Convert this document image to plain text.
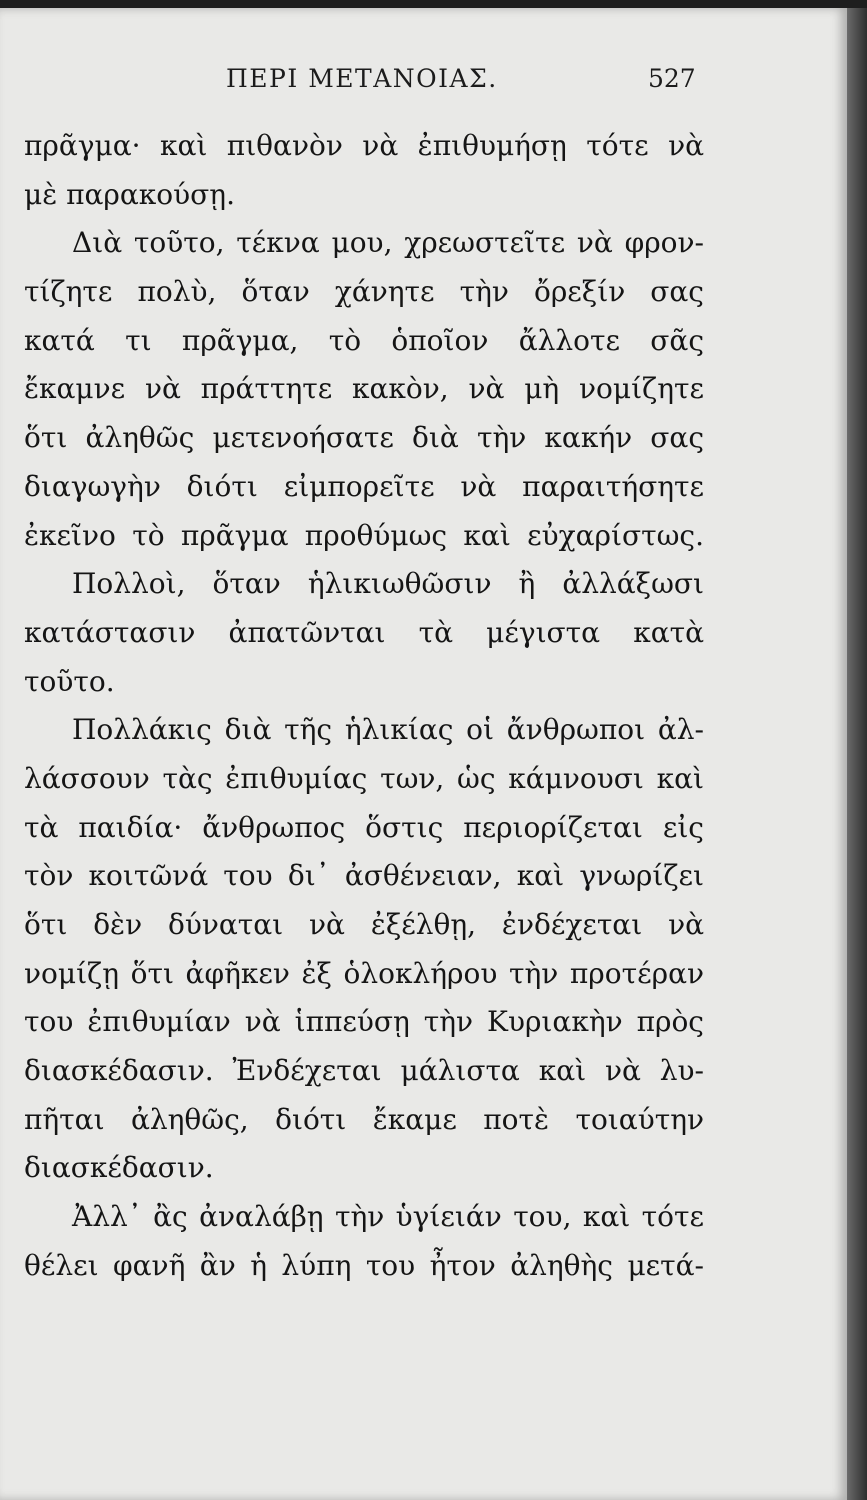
ΠΕΡΙ ΜΕΤΑΝΟΙΑΣ.	527
πρᾶγμα· καὶ πιθανὸν νὰ ἐπιθυμήσῃ τότε νὰ
μὲ παρακούσῃ.
Διὰ τοῦτο, τέκνα μου, χρεωστεῖτε νὰ φρον-
τίζητε πολὺ, ὅταν χάνητε τὴν ὄρεξίν σας
κατά τι πρᾶγμα, τὸ ὁποῖον ἄλλοτε σᾶς
ἔκαμνε νὰ πράττητε κακὸν, νὰ μὴ νομίζητε
ὅτι ἀληθῶς μετενοήσατε διὰ τὴν κακήν σας
διαγωγὴν διότι εἰμπορεῖτε νὰ παραιτήσητε
ἐκεῖνο τὸ πρᾶγμα προθύμως καὶ εὐχαρίστως.
Πολλοὶ, ὅταν ἡλικιωθῶσιν ἢ ἀλλάξωσι
κατάστασιν ἀπατῶνται τὰ μέγιστα κατὰ
τοῦτο.
Πολλάκις διὰ τῆς ἡλικίας οἱ ἄνθρωποι ἀλ-
λάσσουν τὰς ἐπιθυμίας των, ὡς κάμνουσι καὶ
τὰ παιδία· ἄνθρωπος ὅστις περιορίζεται εἰς
τὸν κοιτῶνά του δι᾽ ἀσθένειαν, καὶ γνωρίζει
ὅτι δὲν δύναται νὰ ἐξέλθῃ, ἐνδέχεται νὰ
νομίζῃ ὅτι ἀφῆκεν ἐξ ὁλοκλήρου τὴν προτέραν
του ἐπιθυμίαν νὰ ἱππεύσῃ τὴν Κυριακὴν πρὸς
διασκέδασιν. Ἐνδέχεται μάλιστα καὶ νὰ λυ-
πῆται ἀληθῶς, διότι ἔκαμε ποτὲ τοιαύτην
διασκέδασιν.
Ἀλλ᾽ ἂς ἀναλάβῃ τὴν ὑγίειάν του, καὶ τότε
θέλει φανῆ ἂν ἡ λύπη του ἦτον ἀληθὴς μετά-
